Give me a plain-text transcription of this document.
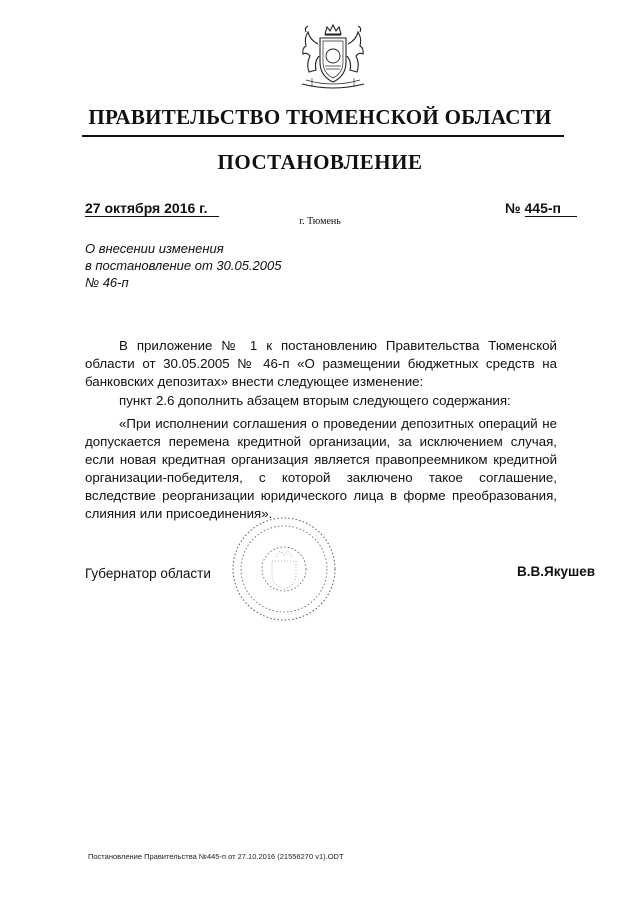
ПРАВИТЕЛЬСТВО ТЮМЕНСКОЙ ОБЛАСТИ
ПОСТАНОВЛЕНИЕ
27 октября 2016 г.	№ 445-п
г. Тюмень
О внесении изменения
в постановление от 30.05.2005
№ 46-п
В приложение № 1 к постановлению Правительства Тюменской области от 30.05.2005 № 46-п «О размещении бюджетных средств на банковских депозитах» внести следующее изменение:
пункт 2.6 дополнить абзацем вторым следующего содержания:
«При исполнении соглашения о проведении депозитных операций не допускается перемена кредитной организации, за исключением случая, если новая кредитная организация является правопреемником кредитной организации-победителя, с которой заключено такое соглашение, вследствие реорганизации юридического лица в форме преобразования, слияния или присоединения».
Губернатор области	В.В.Якушев
Постановление Правительства №445-п от 27.10.2016 (21556270 v1).ODT
